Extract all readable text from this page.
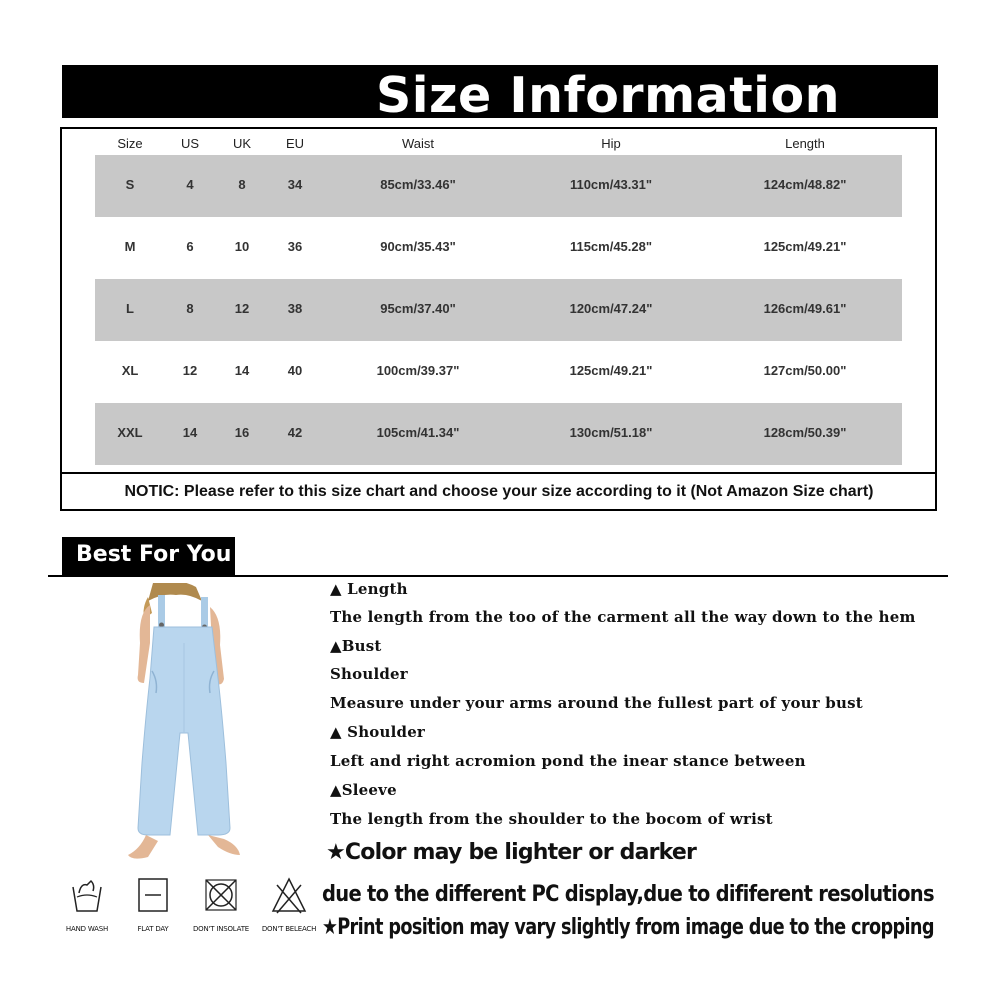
Size Information
Size	US	UK	EU	Waist	Hip	Length
S	4	8	34	85cm/33.46"	110cm/43.31"	124cm/48.82"
M	6	10	36	90cm/35.43"	115cm/45.28"	125cm/49.21"
L	8	12	38	95cm/37.40"	120cm/47.24"	126cm/49.61"
XL	12	14	40	100cm/39.37"	125cm/49.21"	127cm/50.00"
XXL	14	16	42	105cm/41.34"	130cm/51.18"	128cm/50.39"
NOTIC: Please refer to this size chart and choose your size according to it (Not Amazon Size chart)
Best For You
▲ Length
The length from the too of the carment all the way down to the hem
▲Bust
Shoulder
Measure under your arms around the fullest part of your bust
▲ Shoulder
Left and right acromion pond the inear stance between
▲Sleeve
The length from the shoulder to the bocom of wrist
★Color may be lighter or darker
due to the different PC display,due to dififerent resolutions
★Print position may vary slightly from image due to the cropping
HAND WASH	FLAT DAY	DON'T INSOLATE	DON'T BELEACH
